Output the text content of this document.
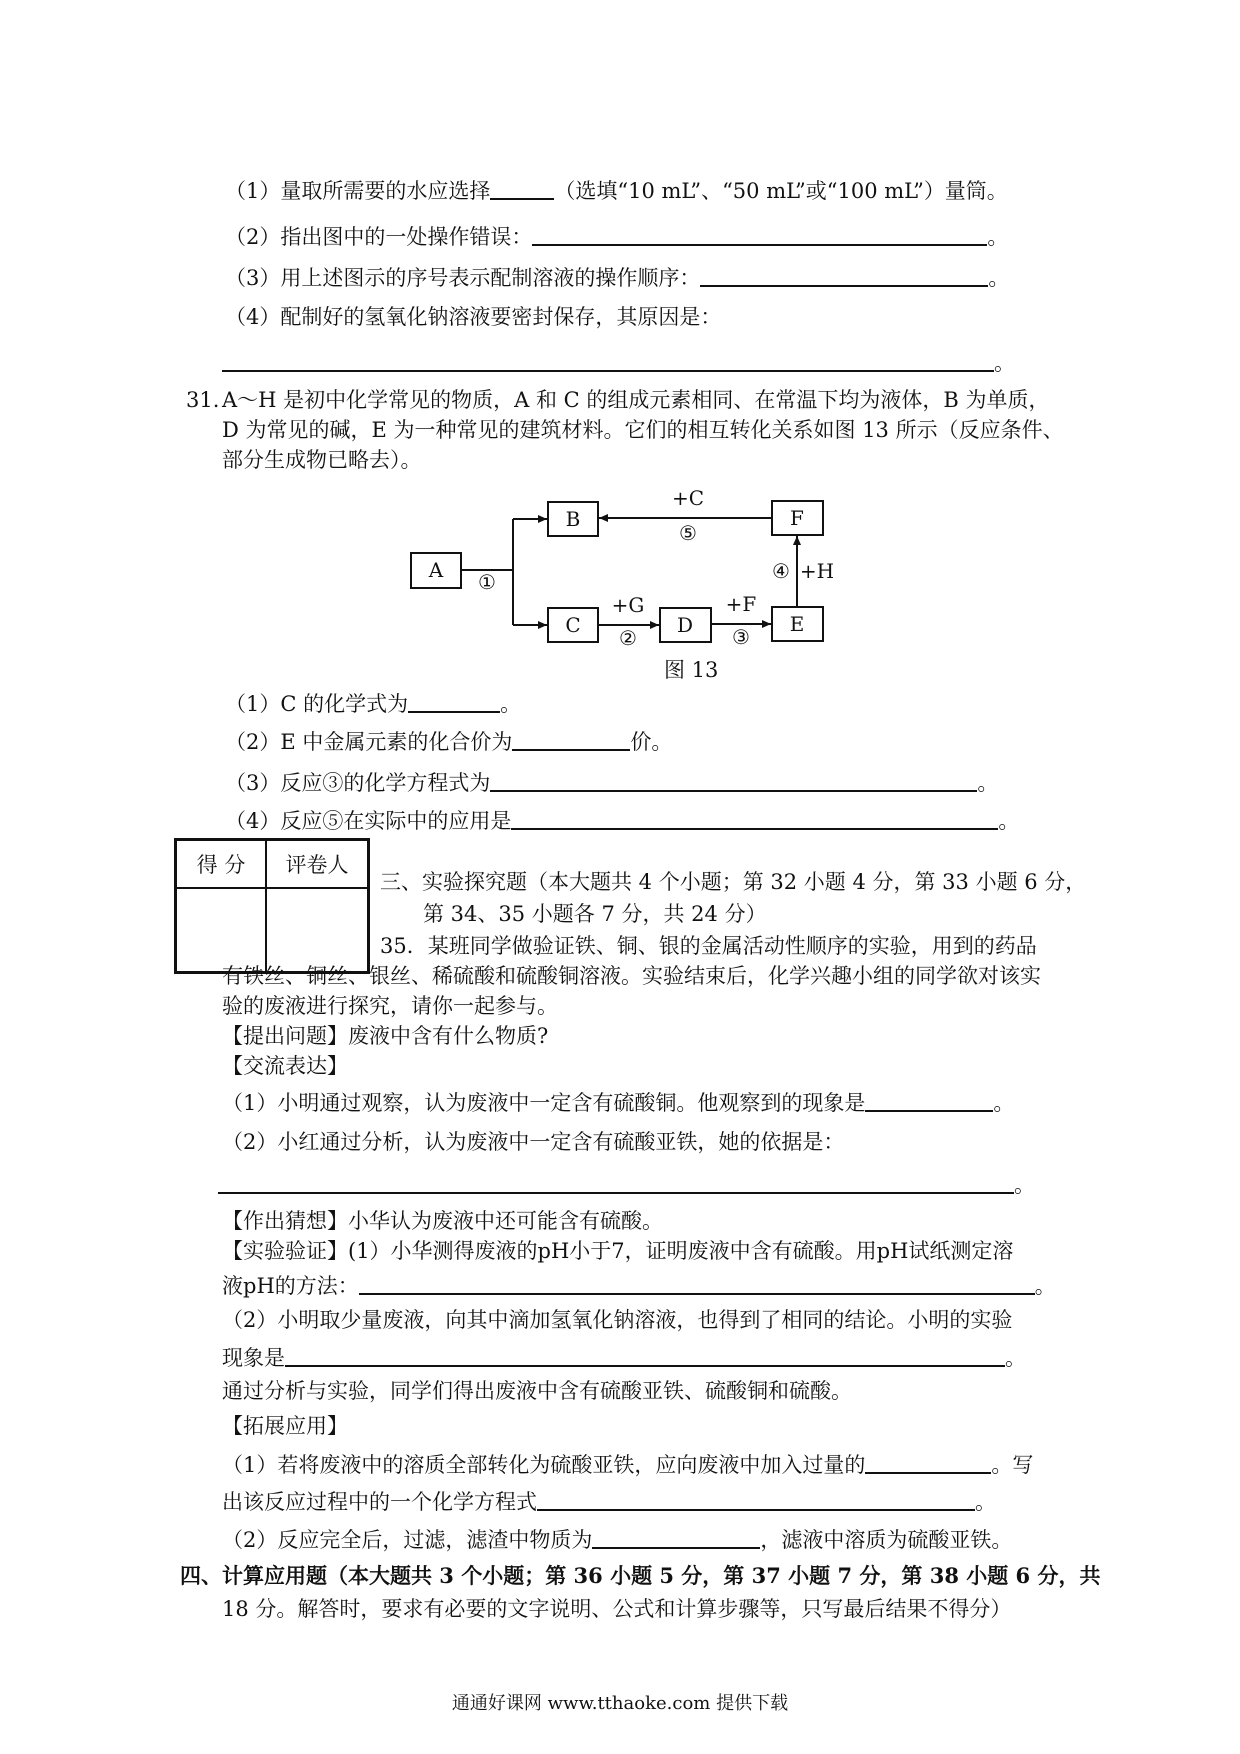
（1）量取所需要的水应选择	（选填“10 mL”、“50 mL”或“100 mL”）量筒。
（2）指出图中的一处操作错误：	。
（3）用上述图示的序号表示配制溶液的操作顺序：	。
（4）配制好的氢氧化钠溶液要密封保存，其原因是：
。
31. A～H 是初中化学常见的物质，A 和 C 的组成元素相同、在常温下均为液体，B 为单质，
D 为常见的碱，E 为一种常见的建筑材料。它们的相互转化关系如图 13 所示（反应条件、
部分生成物已略去）。
A
B
C	D	E
F
①
+C
⑤
+G
②
+F
③
④ +H
图 13
（1）C 的化学式为	。
（2）E 中金属元素的化合价为	价。
（3）反应③的化学方程式为	。
（4）反应⑤在实际中的应用是	。
得 分	评卷人

三、实验探究题（本大题共 4 个小题；第 32 小题 4 分，第 33 小题 6 分，
第 34、35 小题各 7 分，共 24 分）
35．某班同学做验证铁、铜、银的金属活动性顺序的实验，用到的药品
有铁丝、铜丝、银丝、稀硫酸和硫酸铜溶液。实验结束后，化学兴趣小组的同学欲对该实
验的废液进行探究，请你一起参与。
【提出问题】废液中含有什么物质?
【交流表达】
（1）小明通过观察，认为废液中一定含有硫酸铜。他观察到的现象是	。
（2）小红通过分析，认为废液中一定含有硫酸亚铁，她的依据是：
。
【作出猜想】小华认为废液中还可能含有硫酸。
【实验验证】(1）小华测得废液的pH小于7，证明废液中含有硫酸。用pH试纸测定溶
液pH的方法：	。
（2）小明取少量废液，向其中滴加氢氧化钠溶液，也得到了相同的结论。小明的实验
现象是	。
通过分析与实验，同学们得出废液中含有硫酸亚铁、硫酸铜和硫酸。
【拓展应用】
（1）若将废液中的溶质全部转化为硫酸亚铁，应向废液中加入过量的	。写
出该反应过程中的一个化学方程式	。
（2）反应完全后，过滤，滤渣中物质为	，滤液中溶质为硫酸亚铁。
四、计算应用题（本大题共 3 个小题；第 36 小题 5 分，第 37 小题 7 分，第 38 小题 6 分，共
18 分。解答时，要求有必要的文字说明、公式和计算步骤等，只写最后结果不得分）
通通好课网 www.tthaoke.com 提供下载
